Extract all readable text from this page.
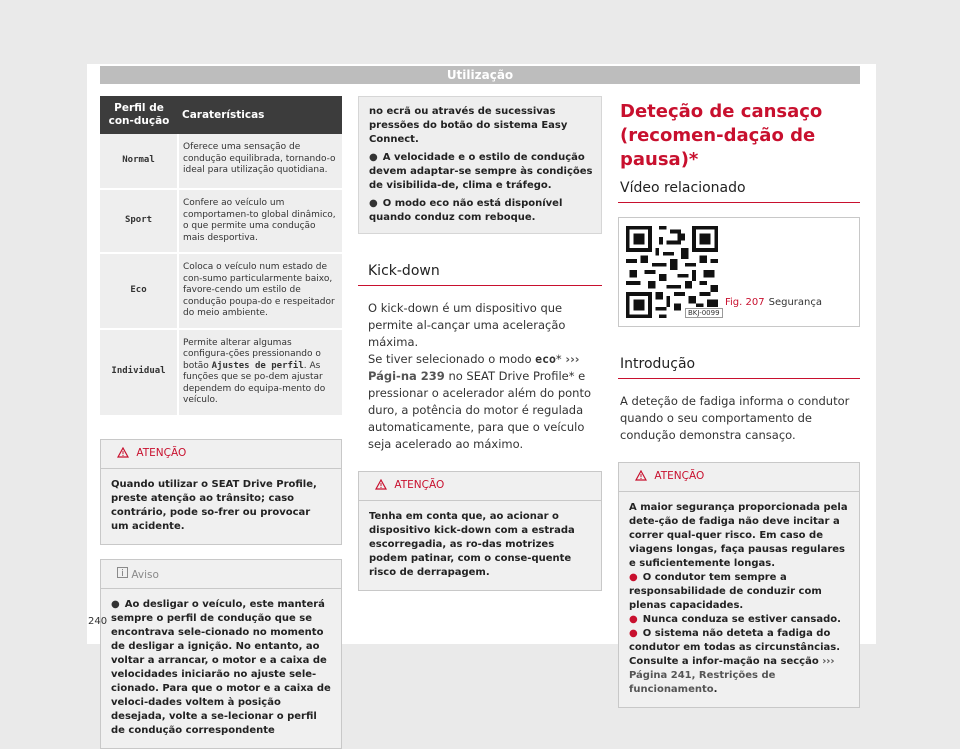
Utilização
Perfil de con-dução	Caraterísticas
Normal	Oferece uma sensação de condução equilibrada, tornando-o ideal para utilização quotidiana.
Sport	Confere ao veículo um comportamen-to global dinâmico, o que permite uma condução mais desportiva.
Eco	Coloca o veículo num estado de con-sumo particularmente baixo, favore-cendo um estilo de condução poupa-do e respeitador do meio ambiente.
Individual	Permite alterar algumas configura-ções pressionando o botão Ajustes de perfil. As funções que se po-dem ajustar dependem do equipa-mento do veículo.
ATENÇÃO
Quando utilizar o SEAT Drive Profile, preste atenção ao trânsito; caso contrário, pode so-frer ou provocar um acidente.
Aviso
● Ao desligar o veículo, este manterá sempre o perfil de condução que se encontrava sele-cionado no momento de desligar a ignição. No entanto, ao voltar a arrancar, o motor e a caixa de velocidades iniciarão no ajuste sele-cionado. Para que o motor e a caixa de veloci-dades voltem à posição desejada, volte a se-lecionar o perfil de condução correspondente

no ecrã ou através de sucessivas pressões do botão do sistema Easy Connect.

● A velocidade e o estilo de condução devem adaptar-se sempre às condições de visibilida-de, clima e tráfego.

● O modo eco não está disponível quando conduz com reboque.

Kick-down
O kick-down é um dispositivo que permite al-cançar uma aceleração máxima.
Se tiver selecionado o modo eco* ››› Pági-na 239 no SEAT Drive Profile* e pressionar o acelerador além do ponto duro, a potência do motor é regulada automaticamente, para que o veículo seja acelerado ao máximo.
ATENÇÃO
Tenha em conta que, ao acionar o dispositivo kick-down com a estrada escorregadia, as ro-das motrizes podem patinar, com o conse-quente risco de derrapagem.
Deteção de cansaço (recomen-dação de pausa)*
Vídeo relacionado
BKJ-0099
Fig. 207 Segurança
Introdução
A deteção de fadiga informa o condutor quando o seu comportamento de condução demonstra cansaço.
ATENÇÃO
A maior segurança proporcionada pela dete-ção de fadiga não deve incitar a correr qual-quer risco. Em caso de viagens longas, faça pausas regulares e suficientemente longas.
● O condutor tem sempre a responsabilidade de conduzir com plenas capacidades.
● Nunca conduza se estiver cansado.
● O sistema não deteta a fadiga do condutor em todas as circunstâncias. Consulte a infor-mação na secção ››› Página 241, Restrições de funcionamento.
240
